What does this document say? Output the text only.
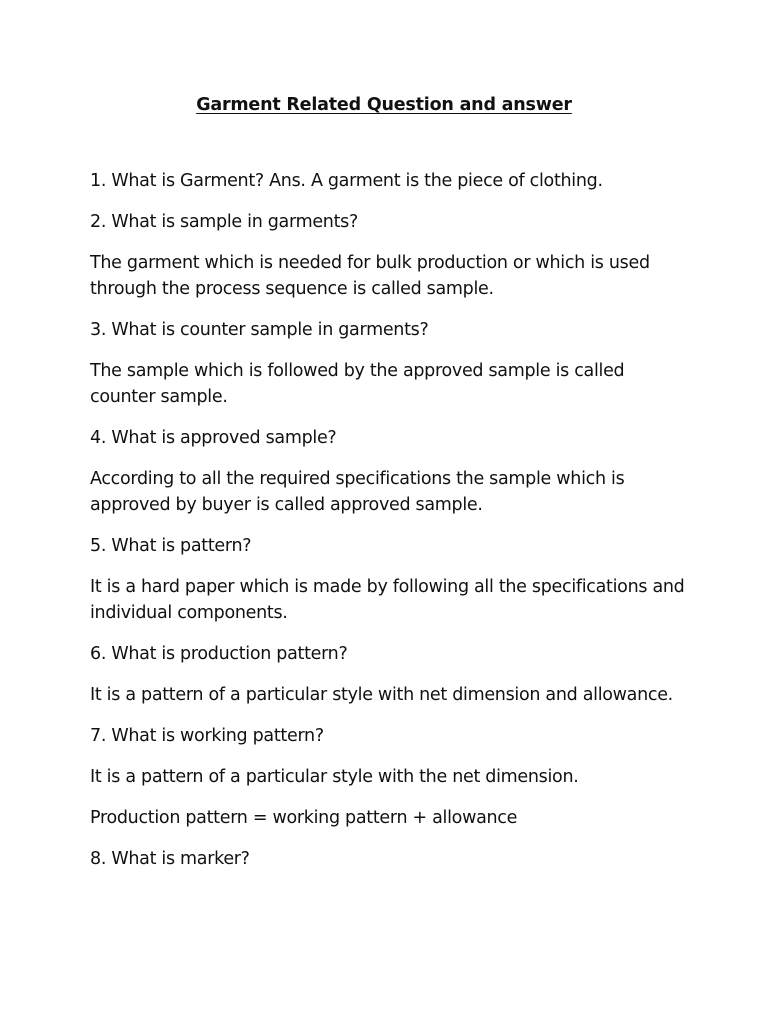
Garment Related Question and answer

1. What is Garment? Ans. A garment is the piece of clothing.

2. What is sample in garments?

The garment which is needed for bulk production or which is used through the process sequence is called sample.

3. What is counter sample in garments?

The sample which is followed by the approved sample is called counter sample.

4. What is approved sample?

According to all the required specifications the sample which is approved by buyer is called approved sample.

5. What is pattern?

It is a hard paper which is made by following all the specifications and individual components.

6. What is production pattern?

It is a pattern of a particular style with net dimension and allowance.

7. What is working pattern?

It is a pattern of a particular style with the net dimension.

Production pattern = working pattern + allowance

8. What is marker?
